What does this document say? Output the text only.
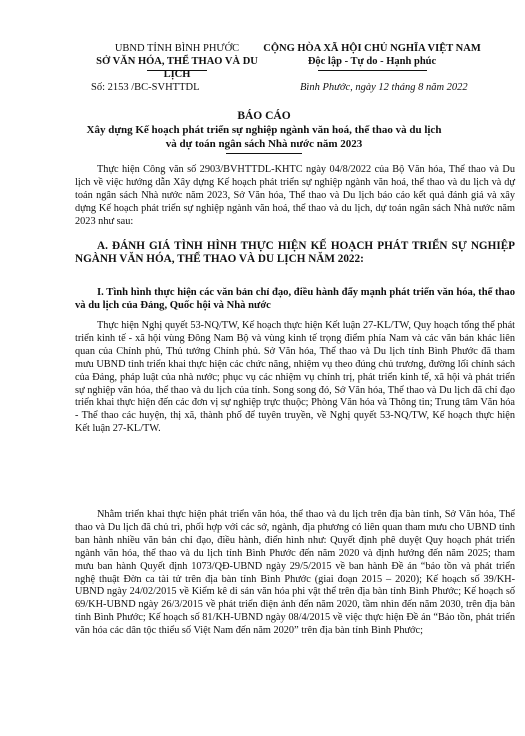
UBND TỈNH BÌNH PHƯỚC
SỞ VĂN HÓA, THỂ THAO VÀ DU LỊCH
CỘNG HÒA XÃ HỘI CHỦ NGHĨA VIỆT NAM
Độc lập - Tự do - Hạnh phúc
Số: 2153 /BC-SVHTTDL	Bình Phước, ngày 12 tháng 8 năm 2022
BÁO CÁO
Xây dựng Kế hoạch phát triển sự nghiệp ngành văn hoá, thể thao và du lịch
và dự toán ngân sách Nhà nước năm 2023

Thực hiện Công văn số 2903/BVHTTDL-KHTC ngày 04/8/2022 của Bộ Văn hóa, Thể thao và Du lịch về việc hướng dẫn Xây dựng Kế hoạch phát triển sự nghiệp ngành văn hoá, thể thao và du lịch và dự toán ngân sách Nhà nước năm 2023, Sở Văn hóa, Thể thao và Du lịch báo cáo kết quả đánh giá và xây dựng Kế hoạch phát triển sự nghiệp ngành văn hoá, thể thao và du lịch, dự toán ngân sách Nhà nước năm 2023 như sau:

A. ĐÁNH GIÁ TÌNH HÌNH THỰC HIỆN KẾ HOẠCH PHÁT TRIỂN SỰ NGHIỆP NGÀNH VĂN HÓA, THỂ THAO VÀ DU LỊCH NĂM 2022:
I. Tình hình thực hiện các văn bản chỉ đạo, điều hành đẩy mạnh phát triển văn hóa, thể thao và du lịch của Đảng, Quốc hội và Nhà nước

Thực hiện Nghị quyết 53-NQ/TW, Kế hoạch thực hiện Kết luận 27-KL/TW, Quy hoạch tổng thể phát triển kinh tế - xã hội vùng Đông Nam Bộ và vùng kinh tế trọng điểm phía Nam và các văn bản khác liên quan của Chính phủ, Thủ tướng Chính phủ. Sở Văn hóa, Thể thao và Du lịch tỉnh Bình Phước đã tham mưu UBND tỉnh triển khai thực hiện các chức năng, nhiệm vụ theo đúng chủ trương, đường lối chính sách của Đảng, pháp luật của nhà nước; phục vụ các nhiệm vụ chính trị, phát triển kinh tế, xã hội và phát triển sự nghiệp văn hóa, thể thao và du lịch của tỉnh. Song song đó, Sở Văn hóa, Thể thao và Du lịch đã chỉ đạo triển khai thực hiện đến các đơn vị sự nghiệp trực thuộc; Phòng Văn hóa và Thông tin; Trung tâm Văn hóa - Thể thao các huyện, thị xã, thành phố để tuyên truyền, về Nghị quyết 53-NQ/TW, Kế hoạch thực hiện Kết luận 27-KL/TW.

Nhằm triển khai thực hiện phát triển văn hóa, thể thao và du lịch trên địa bàn tỉnh, Sở Văn hóa, Thể thao và Du lịch đã chủ trì, phối hợp với các sở, ngành, địa phương có liên quan tham mưu cho UBND tỉnh ban hành nhiều văn bản chỉ đạo, điều hành, điển hình như: Quyết định phê duyệt Quy hoạch phát triển ngành văn hóa, thể thao và du lịch tỉnh Bình Phước đến năm 2020 và định hướng đến năm 2025; tham mưu ban hành Quyết định 1073/QĐ-UBND ngày 29/5/2015 về ban hành Đề án “bảo tồn và phát triển nghệ thuật Đờn ca tài tử trên địa bàn tỉnh Bình Phước (giai đoạn 2015 – 2020); Kế hoạch số 39/KH-UBND ngày 24/02/2015 về Kiểm kê di sản văn hóa phi vật thể trên địa bàn tỉnh Bình Phước; Kế hoạch số 69/KH-UBND ngày 26/3/2015 về phát triển điện ảnh đến năm 2020, tầm nhìn đến năm 2030, trên địa bàn tỉnh Bình Phước; Kế hoạch số 81/KH-UBND ngày 08/4/2015 về việc thực hiện Đề án “Bảo tồn, phát triển văn hóa các dân tộc thiểu số Việt Nam đến năm 2020” trên địa bàn tỉnh Bình Phước;
